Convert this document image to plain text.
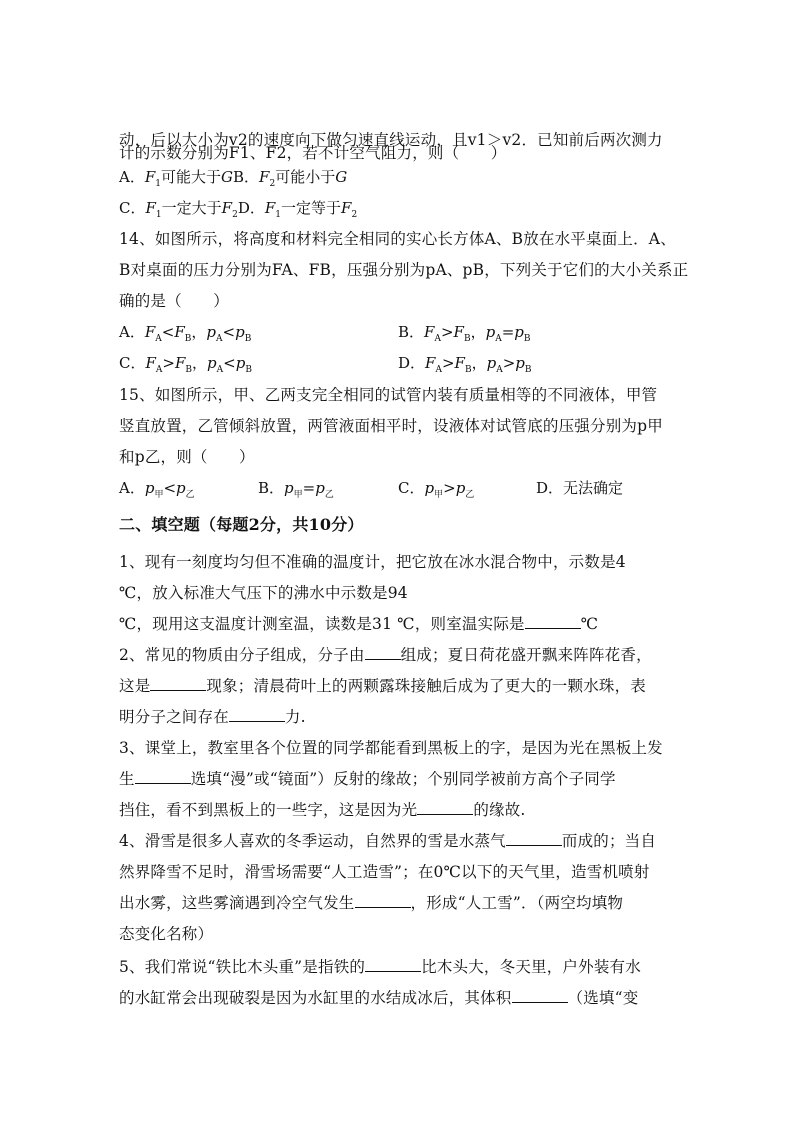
动，后以大小为v2的速度向下做匀速直线运动，且v1＞v2．已知前后两次测力
计的示数分别为F1、F2，若不计空气阻力，则（　　）
A．$F_1$可能大于GB．$F_2$可能小于G
C．$F_1$一定大于$F_2D$．$F_1$一定等于$F_2$
14、如图所示，将高度和材料完全相同的实心长方体A、B放在水平桌面上．A、
B对桌面的压力分别为FA、FB，压强分别为pA、pB，下列关于它们的大小关系正
确的是（　　）
A．$F_A<F_B$，$p_A<p_B$	B．$F_A>F_B$，$p_A=p_B$
C．$F_A>F_B$，$p_A<p_B$	D．$F_A>F_B$，$p_A>p_B$
15、如图所示，甲、乙两支完全相同的试管内装有质量相等的不同液体，甲管
竖直放置，乙管倾斜放置，两管液面相平时，设液体对试管底的压强分别为p甲
和p乙，则（　　）
A．$p_甲<p_乙$	B．$p_甲=p_乙$	C．$p_甲>p_乙$	D．无法确定
二、填空题（每题2分，共10分）
1、现有一刻度均匀但不准确的温度计，把它放在冰水混合物中，示数是4
℃，放入标准大气压下的沸水中示数是94
℃，现用这支温度计测室温，读数是31 ℃，则室温实际是	℃
2、常见的物质由分子组成，分子由 组成；夏日荷花盛开飘来阵阵花香，
这是	现象；清晨荷叶上的两颗露珠接触后成为了更大的一颗水珠，表
明分子之间存在	力.
3、课堂上，教室里各个位置的同学都能看到黑板上的字，是因为光在黑板上发
生	选填“漫”或“镜面”）反射的缘故；个别同学被前方高个子同学
挡住，看不到黑板上的一些字，这是因为光	的缘故.
4、滑雪是很多人喜欢的冬季运动，自然界的雪是水蒸气	而成的；当自
然界降雪不足时，滑雪场需要“人工造雪”；在0℃以下的天气里，造雪机喷射
出水雾，这些雾滴遇到冷空气发生	，形成“人工雪”．（两空均填物
态变化名称）
5、我们常说“铁比木头重”是指铁的	比木头大，冬天里，户外装有水
的水缸常会出现破裂是因为水缸里的水结成冰后，其体积	（选填“变
